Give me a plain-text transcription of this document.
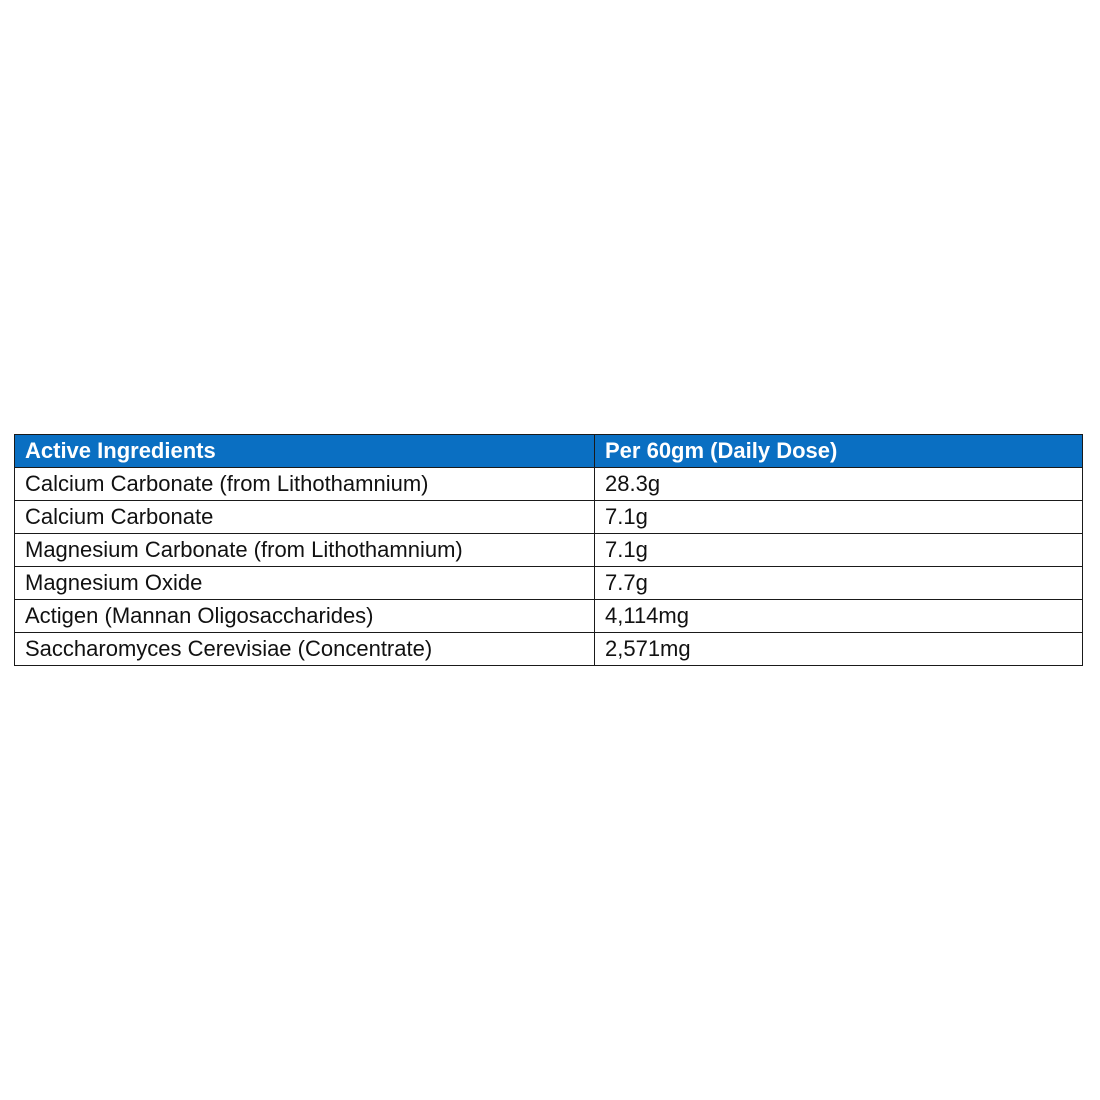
Active Ingredients	Per 60gm (Daily Dose)
Calcium Carbonate (from Lithothamnium)	28.3g
Calcium Carbonate	7.1g
Magnesium Carbonate (from Lithothamnium)	7.1g
Magnesium Oxide	7.7g
Actigen (Mannan Oligosaccharides)	4,114mg
Saccharomyces Cerevisiae (Concentrate)	2,571mg
